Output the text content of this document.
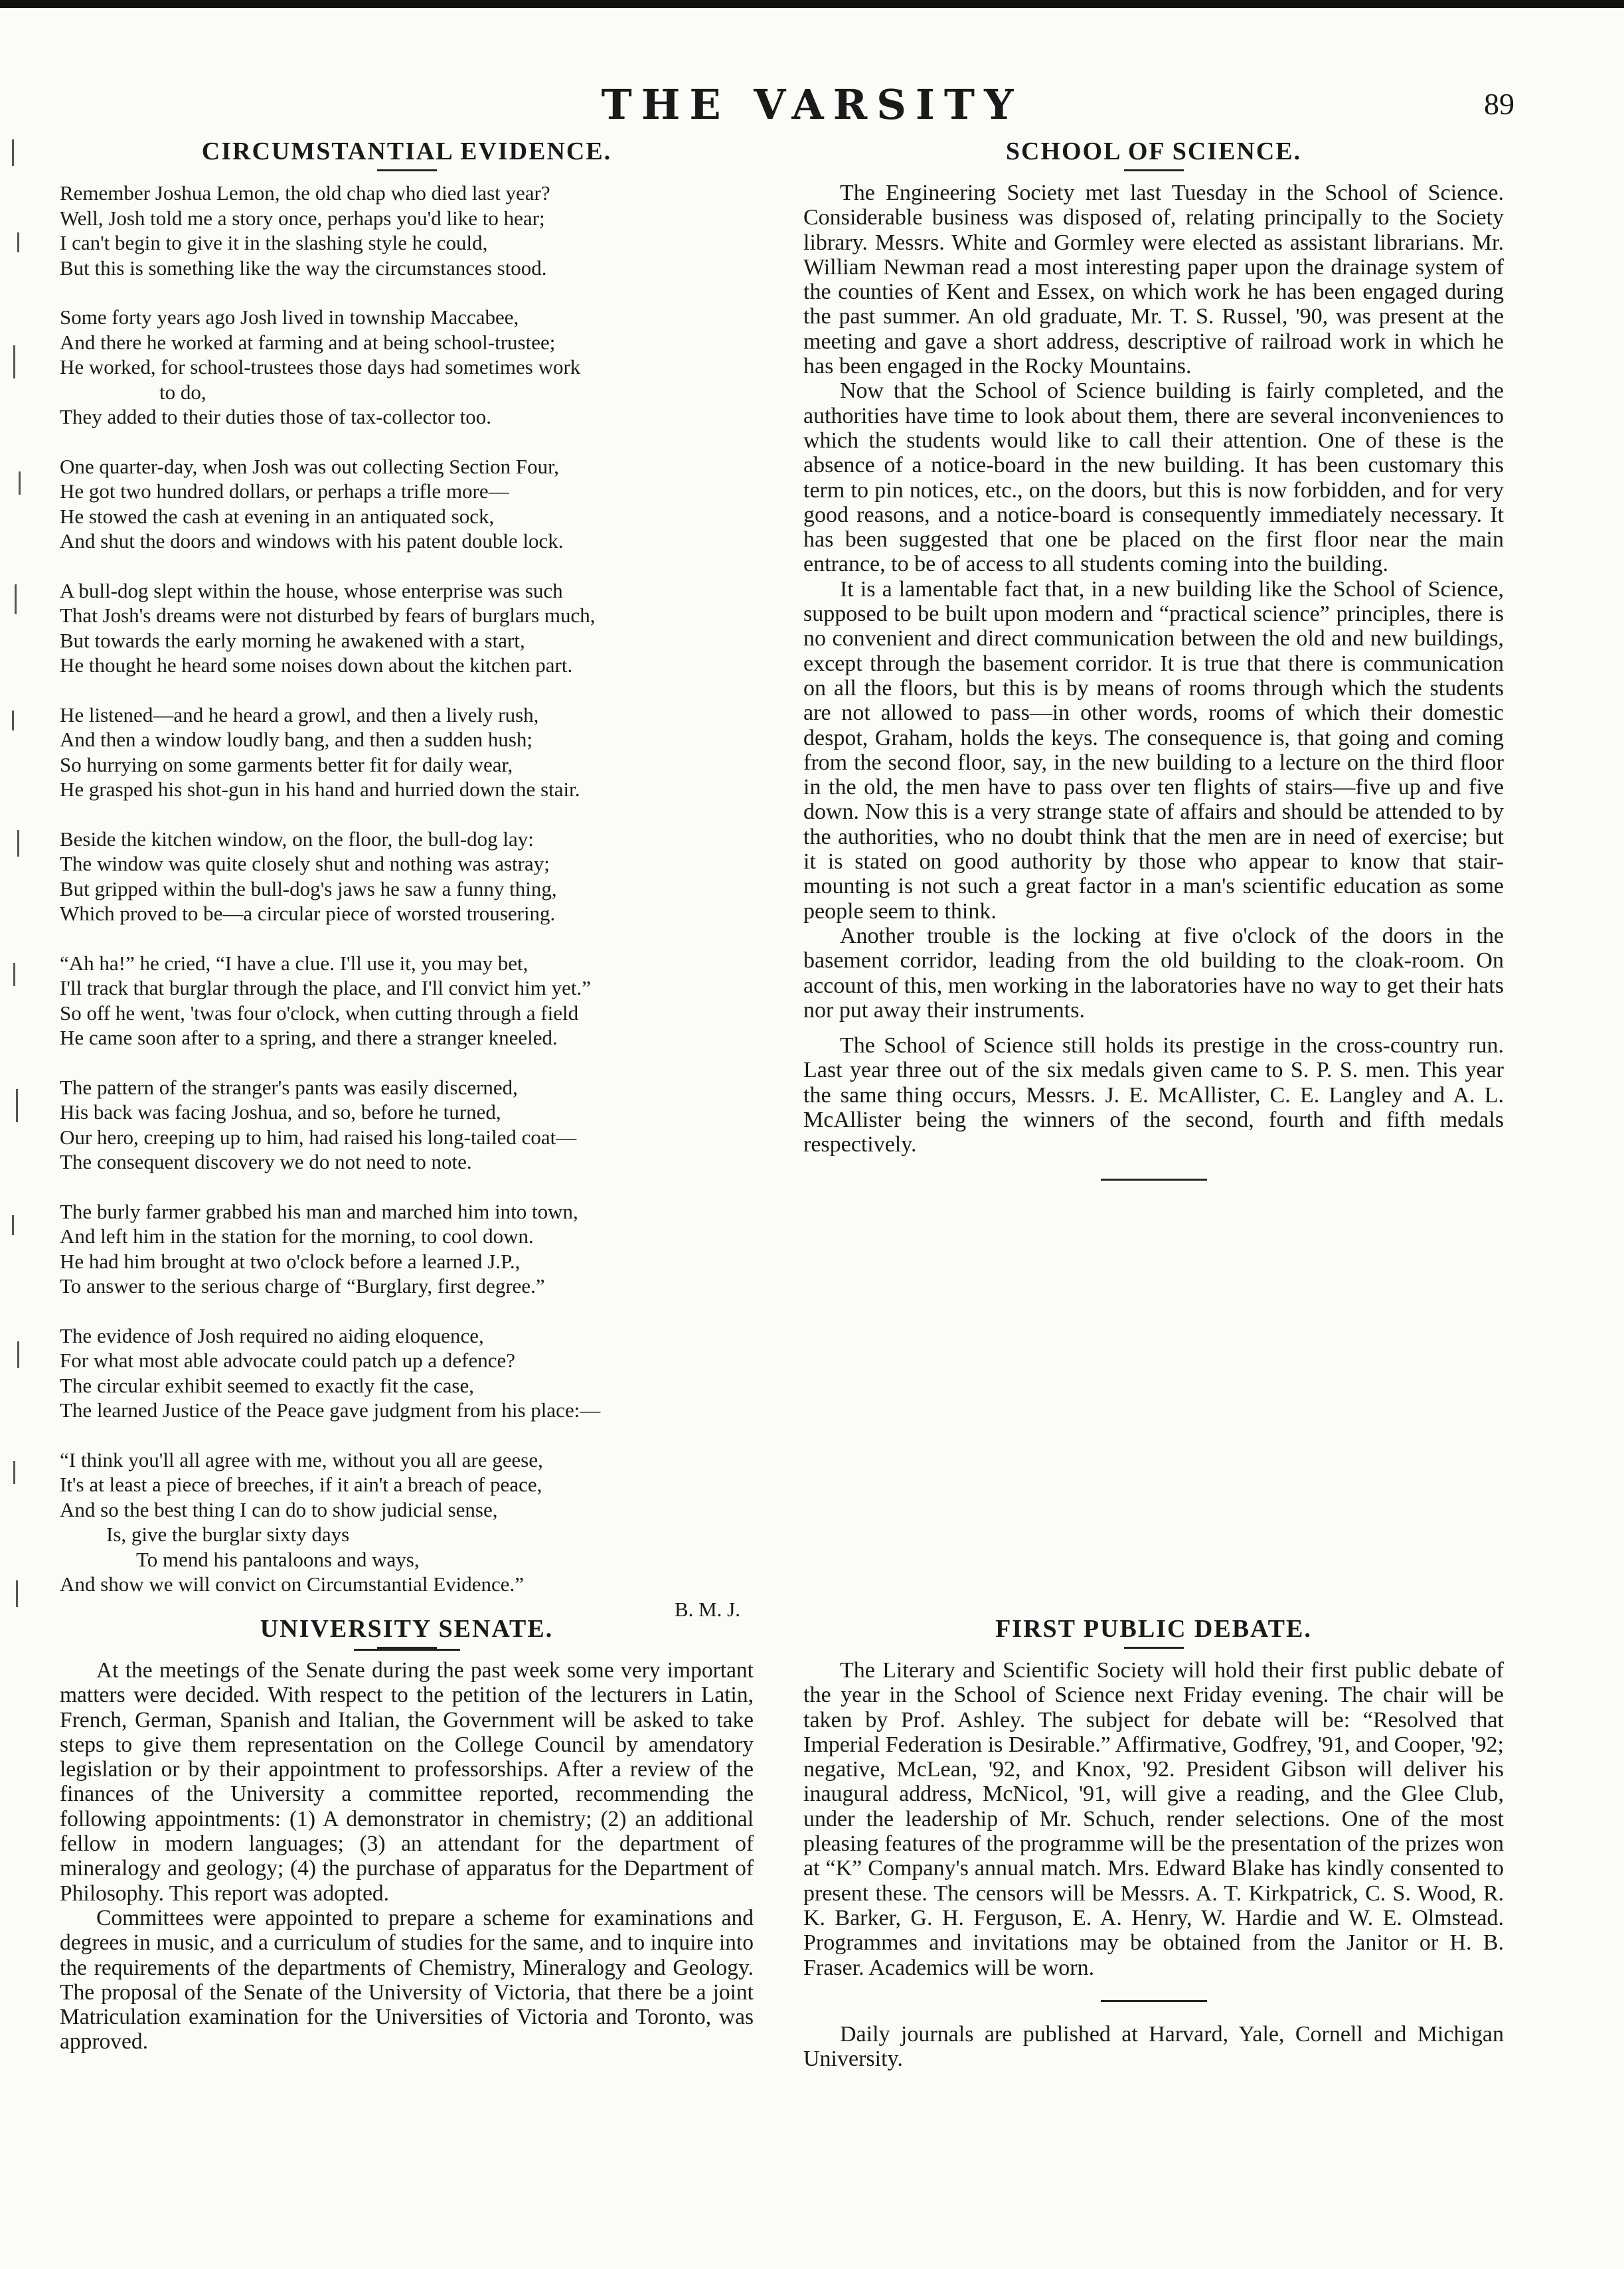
THE VARSITY	89
CIRCUMSTANTIAL EVIDENCE.
Remember Joshua Lemon, the old chap who died last year?
Well, Josh told me a story once, perhaps you'd like to hear;
I can't begin to give it in the slashing style he could,
But this is something like the way the circumstances stood.
Some forty years ago Josh lived in township Maccabee,
And there he worked at farming and at being school-trustee;
He worked, for school-trustees those days had sometimes work
to do,
They added to their duties those of tax-collector too.
One quarter-day, when Josh was out collecting Section Four,
He got two hundred dollars, or perhaps a trifle more—
He stowed the cash at evening in an antiquated sock,
And shut the doors and windows with his patent double lock.
A bull-dog slept within the house, whose enterprise was such
That Josh's dreams were not disturbed by fears of burglars much,
But towards the early morning he awakened with a start,
He thought he heard some noises down about the kitchen part.
He listened—and he heard a growl, and then a lively rush,
And then a window loudly bang, and then a sudden hush;
So hurrying on some garments better fit for daily wear,
He grasped his shot-gun in his hand and hurried down the stair.
Beside the kitchen window, on the floor, the bull-dog lay:
The window was quite closely shut and nothing was astray;
But gripped within the bull-dog's jaws he saw a funny thing,
Which proved to be—a circular piece of worsted trousering.
“Ah ha!” he cried, “I have a clue. I'll use it, you may bet,
I'll track that burglar through the place, and I'll convict him yet.”
So off he went, 'twas four o'clock, when cutting through a field
He came soon after to a spring, and there a stranger kneeled.
The pattern of the stranger's pants was easily discerned,
His back was facing Joshua, and so, before he turned,
Our hero, creeping up to him, had raised his long-tailed coat—
The consequent discovery we do not need to note.
The burly farmer grabbed his man and marched him into town,
And left him in the station for the morning, to cool down.
He had him brought at two o'clock before a learned J.P.,
To answer to the serious charge of “Burglary, first degree.”
The evidence of Josh required no aiding eloquence,
For what most able advocate could patch up a defence?
The circular exhibit seemed to exactly fit the case,
The learned Justice of the Peace gave judgment from his place:—
“I think you'll all agree with me, without you all are geese,
It's at least a piece of breeches, if it ain't a breach of peace,
And so the best thing I can do to show judicial sense,
Is, give the burglar sixty days
To mend his pantaloons and ways,
And show we will convict on Circumstantial Evidence.”
B. M. J.
UNIVERSITY SENATE.

At the meetings of the Senate during the past week some very important matters were decided. With respect to the petition of the lecturers in Latin, French, German, Spanish and Italian, the Government will be asked to take steps to give them representation on the College Council by amendatory legislation or by their appointment to professorships. After a review of the finances of the University a committee reported, recommending the following appointments: (1) A demonstrator in chemistry; (2) an additional fellow in modern languages; (3) an attendant for the department of mineralogy and geology; (4) the purchase of apparatus for the Department of Philosophy. This report was adopted.

Committees were appointed to prepare a scheme for examinations and degrees in music, and a curriculum of studies for the same, and to inquire into the requirements of the departments of Chemistry, Mineralogy and Geology. The proposal of the Senate of the University of Victoria, that there be a joint Matriculation examination for the Universities of Victoria and Toronto, was approved.

SCHOOL OF SCIENCE.

The Engineering Society met last Tuesday in the School of Science. Considerable business was disposed of, relating principally to the Society library. Messrs. White and Gormley were elected as assistant librarians. Mr. William Newman read a most interesting paper upon the drainage system of the counties of Kent and Essex, on which work he has been engaged during the past summer. An old graduate, Mr. T. S. Russel, '90, was present at the meeting and gave a short address, descriptive of railroad work in which he has been engaged in the Rocky Mountains.

Now that the School of Science building is fairly completed, and the authorities have time to look about them, there are several inconveniences to which the students would like to call their attention. One of these is the absence of a notice-board in the new building. It has been customary this term to pin notices, etc., on the doors, but this is now forbidden, and for very good reasons, and a notice-board is consequently immediately necessary. It has been suggested that one be placed on the first floor near the main entrance, to be of access to all students coming into the building.

It is a lamentable fact that, in a new building like the School of Science, supposed to be built upon modern and “practical science” principles, there is no convenient and direct communication between the old and new buildings, except through the basement corridor. It is true that there is communication on all the floors, but this is by means of rooms through which the students are not allowed to pass—in other words, rooms of which their domestic despot, Graham, holds the keys. The consequence is, that going and coming from the second floor, say, in the new building to a lecture on the third floor in the old, the men have to pass over ten flights of stairs—five up and five down. Now this is a very strange state of affairs and should be attended to by the authorities, who no doubt think that the men are in need of exercise; but it is stated on good authority by those who appear to know that stair-mounting is not such a great factor in a man's scientific education as some people seem to think.

Another trouble is the locking at five o'clock of the doors in the basement corridor, leading from the old building to the cloak-room. On account of this, men working in the laboratories have no way to get their hats nor put away their instruments.

The School of Science still holds its prestige in the cross-country run. Last year three out of the six medals given came to S. P. S. men. This year the same thing occurs, Messrs. J. E. McAllister, C. E. Langley and A. L. McAllister being the winners of the second, fourth and fifth medals respectively.

FIRST PUBLIC DEBATE.

The Literary and Scientific Society will hold their first public debate of the year in the School of Science next Friday evening. The chair will be taken by Prof. Ashley. The subject for debate will be: “Resolved that Imperial Federation is Desirable.” Affirmative, Godfrey, '91, and Cooper, '92; negative, McLean, '92, and Knox, '92. President Gibson will deliver his inaugural address, McNicol, '91, will give a reading, and the Glee Club, under the leadership of Mr. Schuch, render selections. One of the most pleasing features of the programme will be the presentation of the prizes won at “K” Company's annual match. Mrs. Edward Blake has kindly consented to present these. The censors will be Messrs. A. T. Kirkpatrick, C. S. Wood, R. K. Barker, G. H. Ferguson, E. A. Henry, W. Hardie and W. E. Olmstead. Programmes and invitations may be obtained from the Janitor or H. B. Fraser. Academics will be worn.

Daily journals are published at Harvard, Yale, Cornell and Michigan University.
